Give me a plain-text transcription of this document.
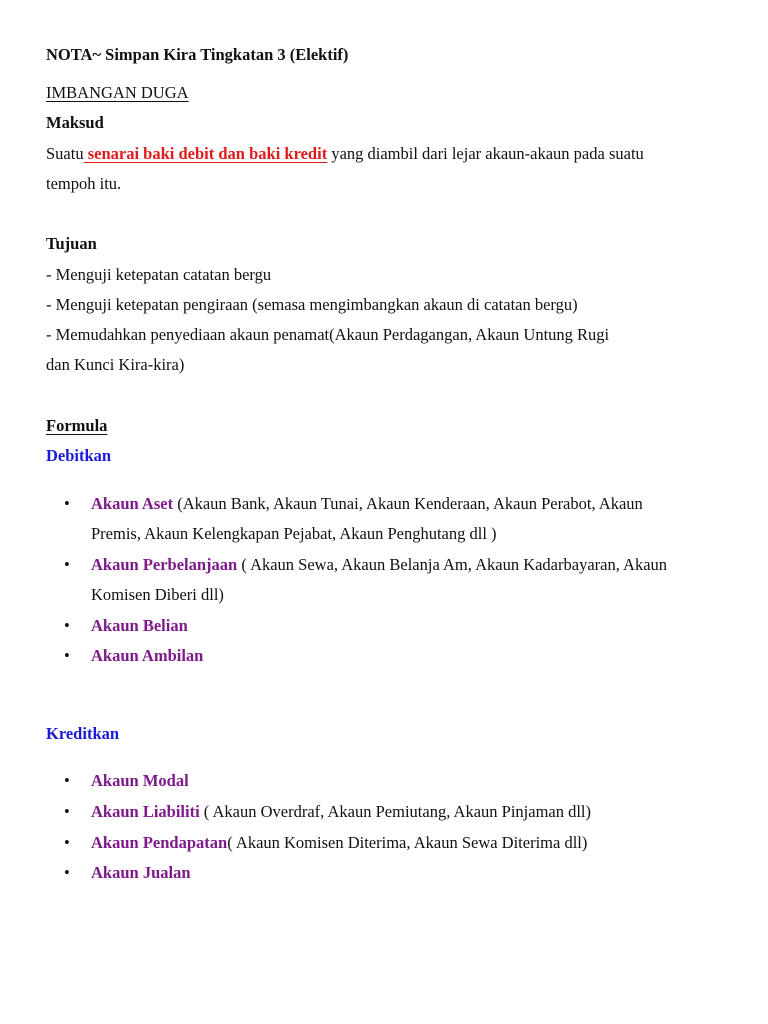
NOTA~ Simpan Kira Tingkatan 3 (Elektif)
IMBANGAN DUGA
Maksud
Suatu senarai baki debit dan baki kredit yang diambil dari lejar akaun-akaun pada suatu
tempoh itu.
Tujuan
- Menguji ketepatan catatan bergu
- Menguji ketepatan pengiraan (semasa mengimbangkan akaun di catatan bergu)
- Memudahkan penyediaan akaun penamat(Akaun Perdagangan, Akaun Untung Rugi
dan Kunci Kira-kira)
Formula
Debitkan
• Akaun Aset (Akaun Bank, Akaun Tunai, Akaun Kenderaan, Akaun Perabot, Akaun
Premis, Akaun Kelengkapan Pejabat, Akaun Penghutang dll )
• Akaun Perbelanjaan ( Akaun Sewa, Akaun Belanja Am, Akaun Kadarbayaran, Akaun
Komisen Diberi dll)
• Akaun Belian
• Akaun Ambilan
Kreditkan
• Akaun Modal
• Akaun Liabiliti ( Akaun Overdraf, Akaun Pemiutang, Akaun Pinjaman dll)
• Akaun Pendapatan( Akaun Komisen Diterima, Akaun Sewa Diterima dll)
• Akaun Jualan
